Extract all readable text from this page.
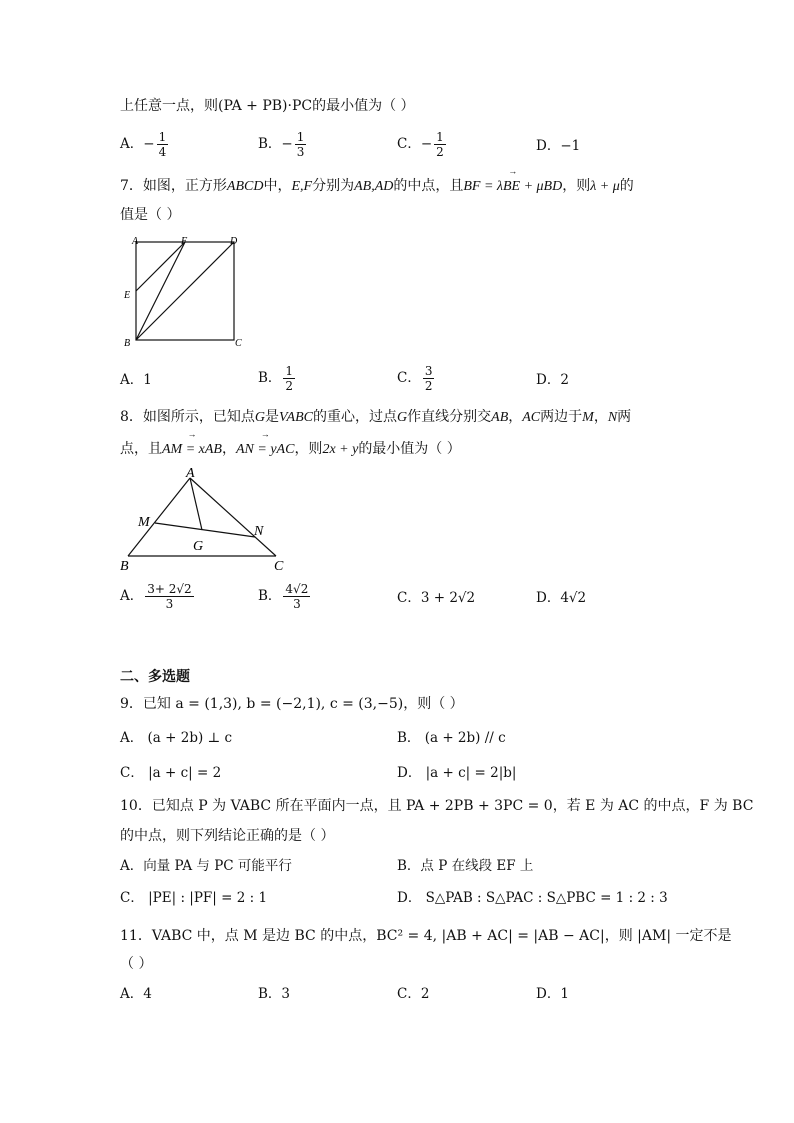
上任意一点，则(PA + PB)·PC的最小值为（ ）
A．− $\frac{1}{4}$	B．− $\frac{1}{3}$	C．− $\frac{1}{2}$	D．−1
7．如图，正方形ABCD中，E,F分别为AB,AD的中点，且→ BF = λBE + μBD，则λ + μ的
值是（ ）
A	F	D
E
B	C
A．1	B． $\frac{1}{2}$	C． $\frac{3}{2}$	D．2
8．如图所示，已知点G是VABC的重心，过点G作直线分别交AB，AC两边于M，N两
点，且→ AM = xAB，→ AN = yAC，则2x + y的最小值为（ ）
A
M
N
G
B	C
A． $\frac{3+ 2√2}{3}$	B． $\frac{4√2}{3}$	C．3 + 2√2	D．4√2
二、多选题
9．已知 a = (1,3), b = (−2,1), c = (3,−5)，则（ ）
A． (a + 2b) ⊥ c	B． (a + 2b) // c
C． |a + c| = 2	D． |a + c| = 2|b|
10．已知点 P 为 VABC 所在平面内一点，且 PA + 2PB + 3PC = 0，若 E 为 AC 的中点，F 为 BC
的中点，则下列结论正确的是（ ）
A．向量 PA 与 PC 可能平行	B．点 P 在线段 EF 上
C． |PE| : |PF| = 2 : 1	D． S△PAB : S△PAC : S△PBC = 1 : 2 : 3
11．VABC 中，点 M 是边 BC 的中点，BC² = 4, |AB + AC| = |AB − AC|，则 |AM| 一定不是
（ ）
A．4	B．3	C．2	D．1
